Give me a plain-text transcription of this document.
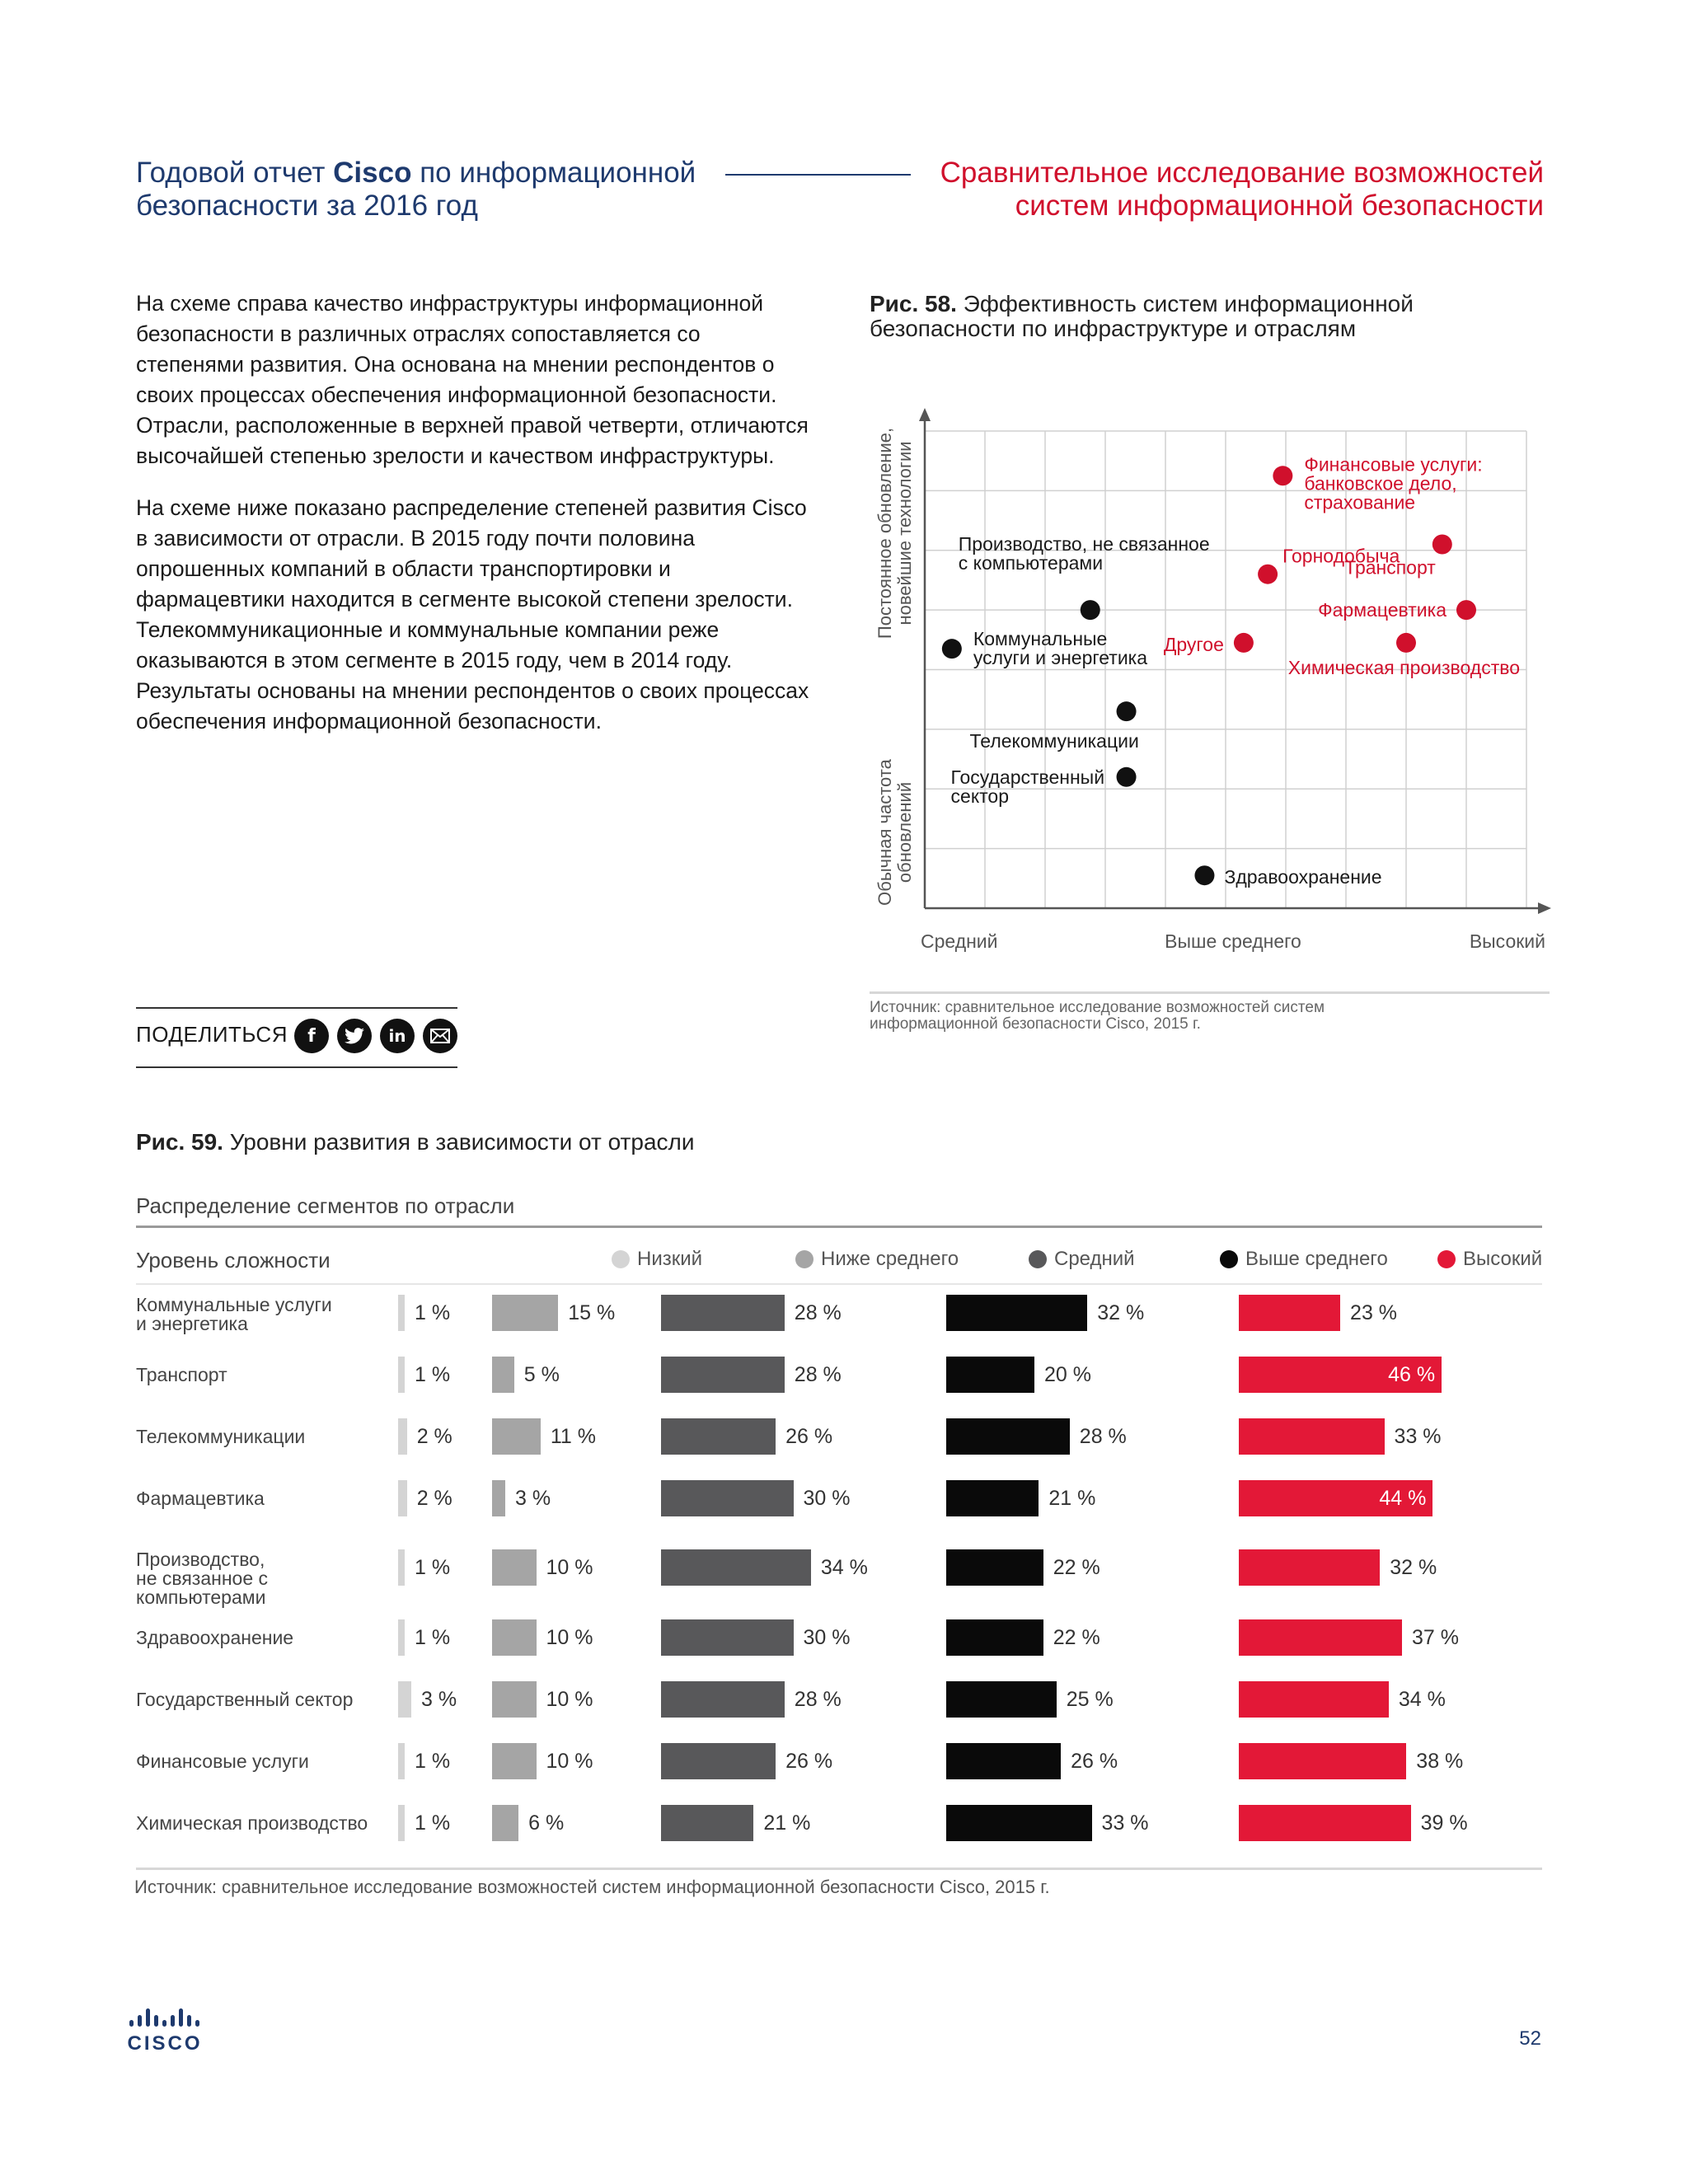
Годовой отчет Cisco по информационной
безопасности за 2016 год
Сравнительное исследование возможностей
систем информационной безопасности

На схеме справа качество инфраструктуры информационной безопасности в различных отраслях сопоставляется со степенями развития. Она основана на мнении респондентов о своих процессах обеспечения информационной безопасности. Отрасли, расположенные в верхней правой четверти, отличаются высочайшей степенью зрелости и качеством инфраструктуры.

На схеме ниже показано распределение степеней развития Cisco в зависимости от отрасли. В 2015 году почти половина опрошенных компаний в области транспортировки и фармацевтики находится в сегменте высокой степени зрелости. Телекоммуникационные и коммунальные компании реже оказываются в этом сегменте в 2015 году, чем в 2014 году. Результаты основаны на мнении респондентов о своих процессах обеспечения информационной безопасности.

ПОДЕЛИТЬСЯ	f	in
Рис. 58. Эффективность систем информационной безопасности по инфраструктуре и отраслям
Средний	Выше среднего	Высокий
Постоянное обновление,новейшие технологии
Обычная частотаобновлений
Финансовые услуги: банковское дело, страхование
Транспорт
Горнодобыча
Фармацевтика
Другое
Химическая производство
Производство, не связанное с компьютерами
Коммунальные услуги и энергетика
Телекоммуникации
Государственный сектор
Здравоохранение
Источник: сравнительное исследование возможностей систем информационной безопасности Cisco, 2015 г.
Рис. 59. Уровни развития в зависимости от отрасли
Распределение сегментов по отрасли
Уровень сложности	Низкий	Ниже среднего	Средний	Выше среднего	Высокий
Коммунальные услуги
и энергетика	1 %	15 %	28 %	32 %	23 %
Транспорт	1 %	5 %	28 %	20 %	46 %
Телекоммуникации	2 %	11 %	26 %	28 %	33 %
Фармацевтика	2 %	3 %	30 %	21 %	44 %
Производство,
не связанное с компьютерами
1 %	10 %	34 %	22 %	32 %
Здравоохранение	1 %	10 %	30 %	22 %	37 %
Государственный сектор	3 %	10 %	28 %	25 %	34 %
Финансовые услуги	1 %	10 %	26 %	26 %	38 %
Химическая производство	1 %	6 %	21 %	33 %	39 %
Источник: сравнительное исследование возможностей систем информационной безопасности Cisco, 2015 г.
CISCO	52
